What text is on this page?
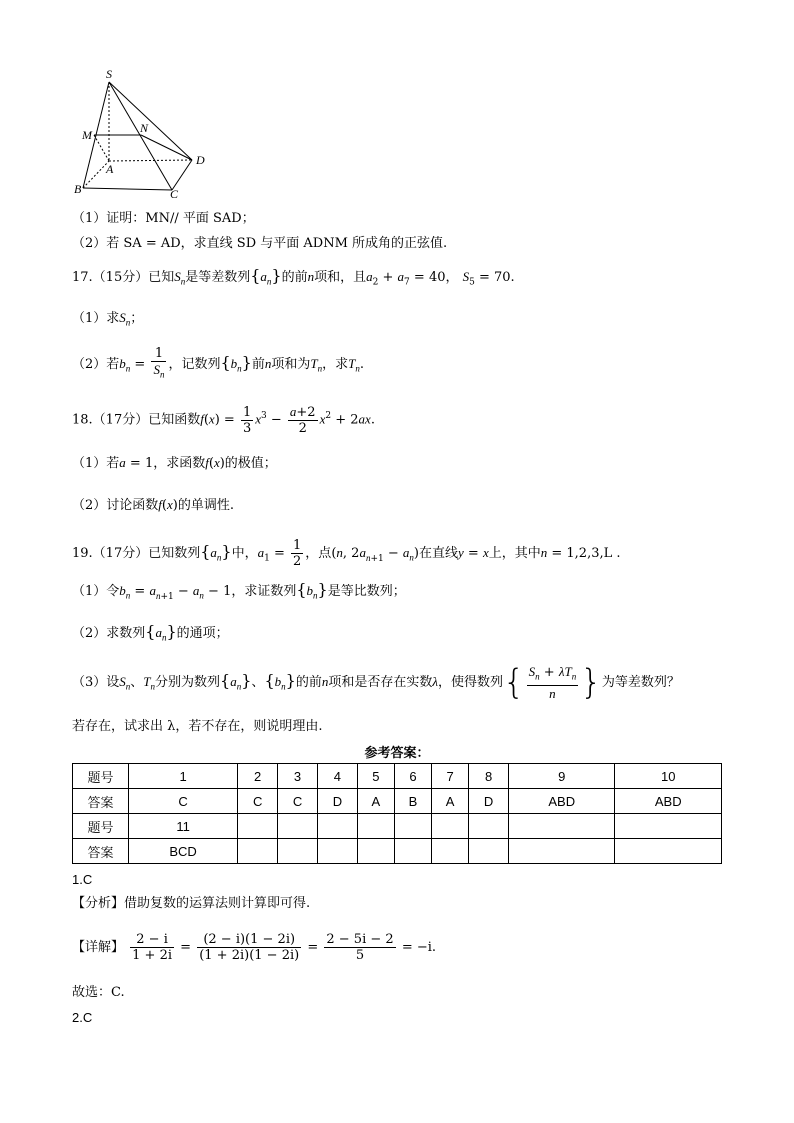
S
M	N
A
B	C
D
（1）证明：MN// 平面 SAD；
（2）若 SA = AD，求直线 SD 与平面 ADNM 所成角的正弦值.
17.（15分）已知$S_n$是等差数列$\{a_n\}$的前n项和，且$a_2 + a_7 = 40$， $S_5 = 70$.
（1）求$S_n$；
（2）若$b_n = \frac{1}{S_n}$ ，记数列$\{b_n\}$前n项和为$T_n$，求$T_n$.
18.（17分）已知函数$f(x) = \frac{1}{3} x^3 - \frac{a+2}{2} x^2 + 2ax$.
（1）若a = 1，求函数f(x)的极值；
（2）讨论函数f(x)的单调性.
19.（17分）已知数列$\{a_n\}$中，$a_1 = \frac{1}{2}$ ，点(n, $2a_{n+1} - a_n$)在直线y = x上，其中n = 1,2,3,L .
（1）令$b_n = a_{n+1} - a_n - 1$，求证数列$\{b_n\}$是等比数列；
（2）求数列$\{a_n\}$的通项；
（3）设$S_n$、$T_n$分别为数列$\{a_n\}$、$\{b_n\}$的前n项和是否存在实数λ，使得数列{ $\frac{S_n + \lambda T_n}{n}$ }为等差数列？
若存在，试求出 λ，若不存在，则说明理由.
参考答案：
题号	1	2	3	4	5	6	7	8	9	10
答案	C	C	C	D	A	B	A	D	ABD	ABD
题号	11									
答案	BCD									
1.C
【分析】借助复数的运算法则计算即可得.
【详解】 $\frac{2 - i}{1 + 2i} = \frac{(2 - i)(1 - 2i)}{(1 + 2i)(1 - 2i)} = \frac{2 - 5i - 2}{5} = -i$.
故选：C.
2.C
